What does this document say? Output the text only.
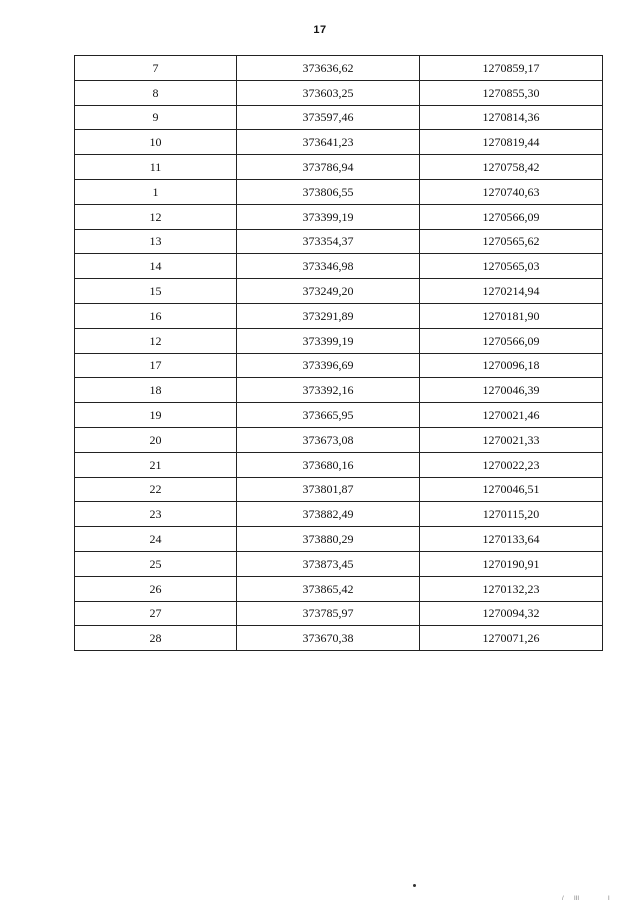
17
7	373636,62	1270859,17
8	373603,25	1270855,30
9	373597,46	1270814,36
10	373641,23	1270819,44
11	373786,94	1270758,42
1	373806,55	1270740,63
12	373399,19	1270566,09
13	373354,37	1270565,62
14	373346,98	1270565,03
15	373249,20	1270214,94
16	373291,89	1270181,90
12	373399,19	1270566,09
17	373396,69	1270096,18
18	373392,16	1270046,39
19	373665,95	1270021,46
20	373673,08	1270021,33
21	373680,16	1270022,23
22	373801,87	1270046,51
23	373882,49	1270115,20
24	373880,29	1270133,64
25	373873,45	1270190,91
26	373865,42	1270132,23
27	373785,97	1270094,32
28	373670,38	1270071,26
/ III	I
